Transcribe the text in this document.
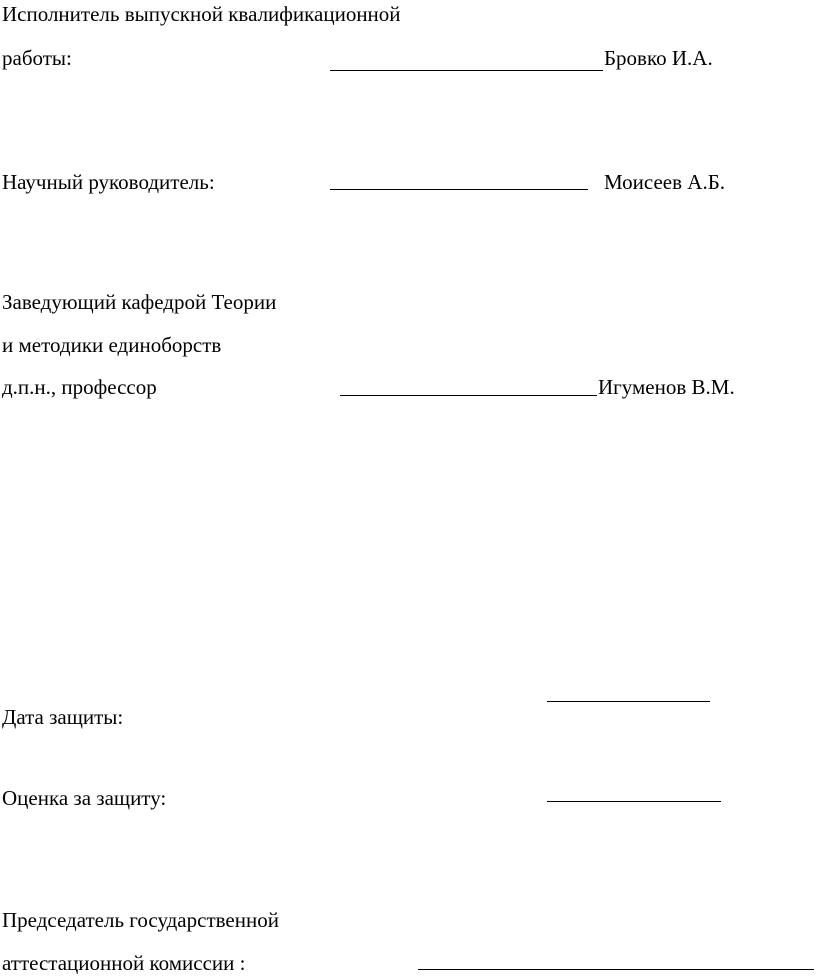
Исполнитель выпускной квалификационной
работы:	Бровко И.А.
Научный руководитель:	Моисеев А.Б.
Заведующий кафедрой Теории
и методики единоборств
д.п.н., профессор	Игуменов В.М.
Дата защиты:
Оценка за защиту:
Председатель государственной
аттестационной комиссии :
